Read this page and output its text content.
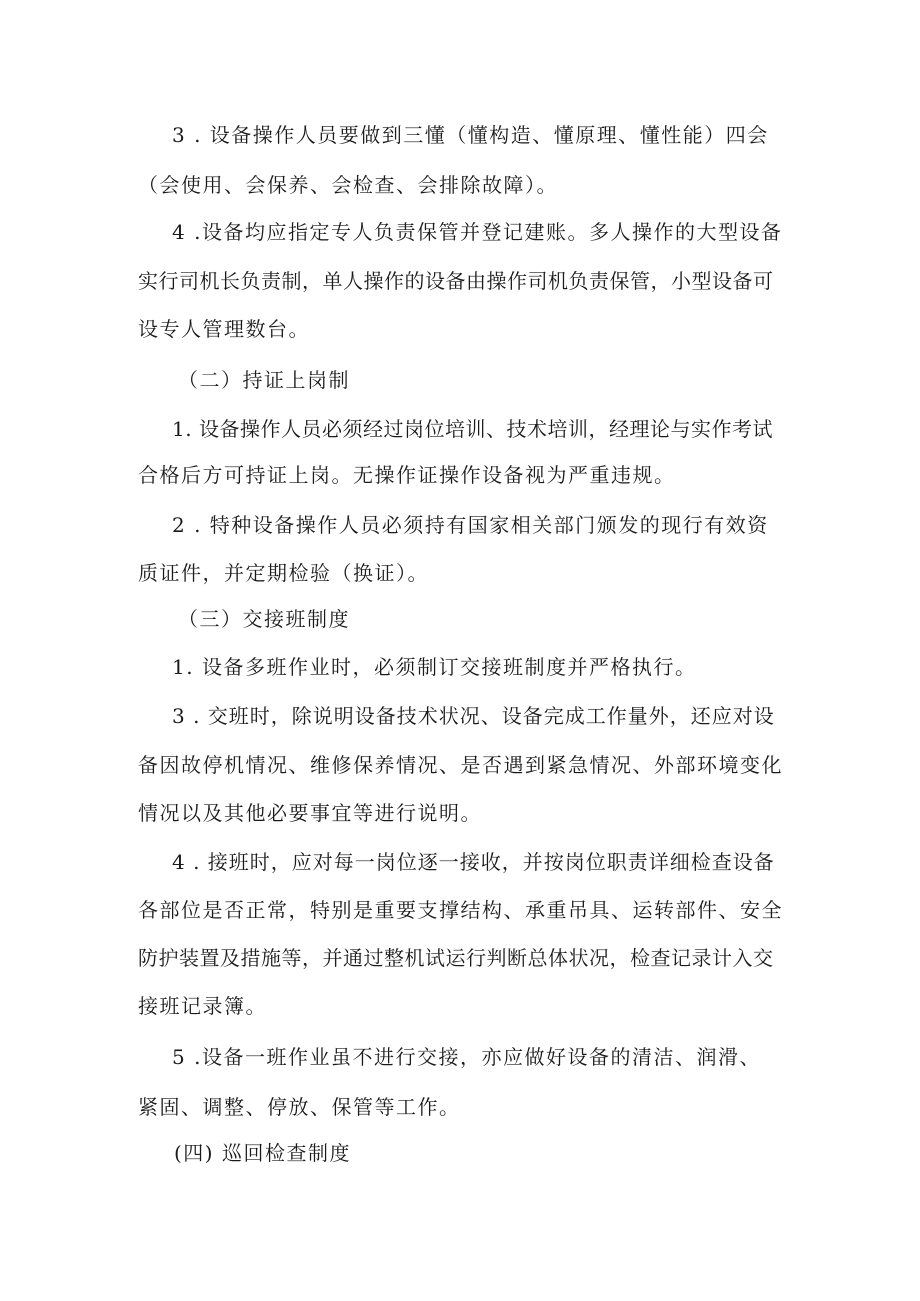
3 . 设备操作人员要做到三懂（懂构造、懂原理、懂性能）四会
（会使用、会保养、会检查、会排除故障）。
4 .设备均应指定专人负责保管并登记建账。多人操作的大型设备
实行司机长负责制，单人操作的设备由操作司机负责保管，小型设备可
设专人管理数台。
（二）持证上岗制
1. 设备操作人员必须经过岗位培训、技术培训，经理论与实作考试
合格后方可持证上岗。无操作证操作设备视为严重违规。
2 . 特种设备操作人员必须持有国家相关部门颁发的现行有效资
质证件，并定期检验（换证）。
（三）交接班制度
1. 设备多班作业时，必须制订交接班制度并严格执行。
3 . 交班时，除说明设备技术状况、设备完成工作量外，还应对设
备因故停机情况、维修保养情况、是否遇到紧急情况、外部环境变化
情况以及其他必要事宜等进行说明。
4 . 接班时，应对每一岗位逐一接收，并按岗位职责详细检查设备
各部位是否正常，特别是重要支撑结构、承重吊具、运转部件、安全
防护装置及措施等，并通过整机试运行判断总体状况，检查记录计入交
接班记录簿。
5 .设备一班作业虽不进行交接，亦应做好设备的清洁、润滑、
紧固、调整、停放、保管等工作。
(四) 巡回检查制度
